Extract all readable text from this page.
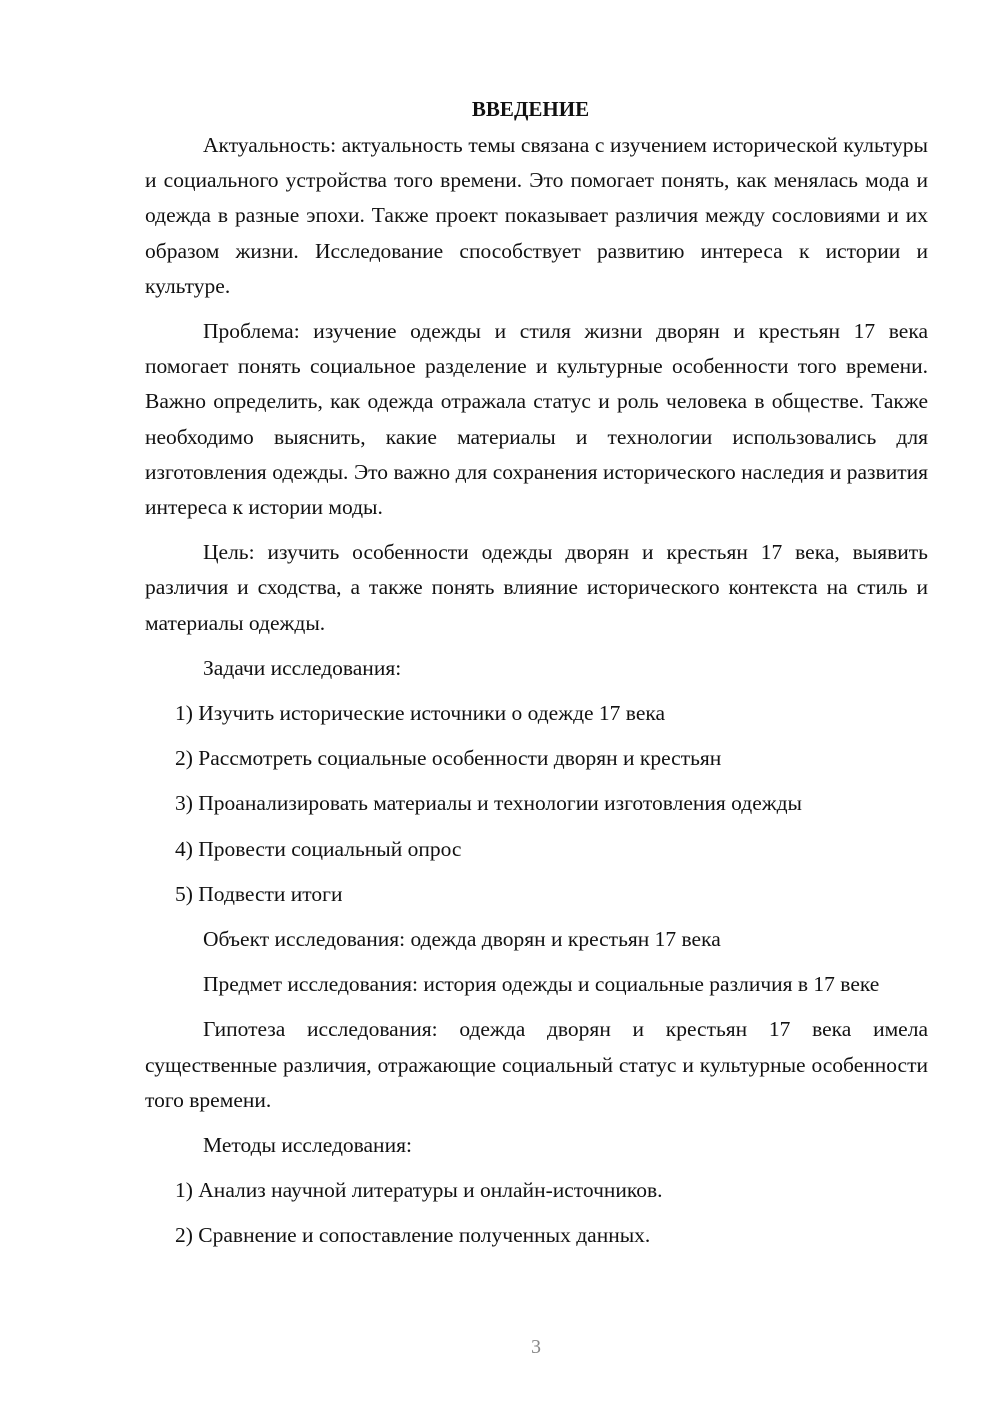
ВВЕДЕНИЕ

Актуальность: актуальность темы связана с изучением исторической культуры и социального устройства того времени. Это помогает понять, как менялась мода и одежда в разные эпохи. Также проект показывает различия между сословиями и их образом жизни. Исследование способствует развитию интереса к истории и культуре.

Проблема: изучение одежды и стиля жизни дворян и крестьян 17 века помогает понять социальное разделение и культурные особенности того времени. Важно определить, как одежда отражала статус и роль человека в обществе. Также необходимо выяснить, какие материалы и технологии использовались для изготовления одежды. Это важно для сохранения исторического наследия и развития интереса к истории моды.

Цель: изучить особенности одежды дворян и крестьян 17 века, выявить различия и сходства, а также понять влияние исторического контекста на стиль и материалы одежды.

Задачи исследования:

1) Изучить исторические источники о одежде 17 века
2) Рассмотреть социальные особенности дворян и крестьян
3) Проанализировать материалы и технологии изготовления одежды
4) Провести социальный опрос
5) Подвести итоги

Объект исследования: одежда дворян и крестьян 17 века

Предмет исследования: история одежды и социальные различия в 17 веке

Гипотеза исследования: одежда дворян и крестьян 17 века имела существенные различия, отражающие социальный статус и культурные особенности того времени.

Методы исследования:

1) Анализ научной литературы и онлайн-источников.
2) Сравнение и сопоставление полученных данных.
3
